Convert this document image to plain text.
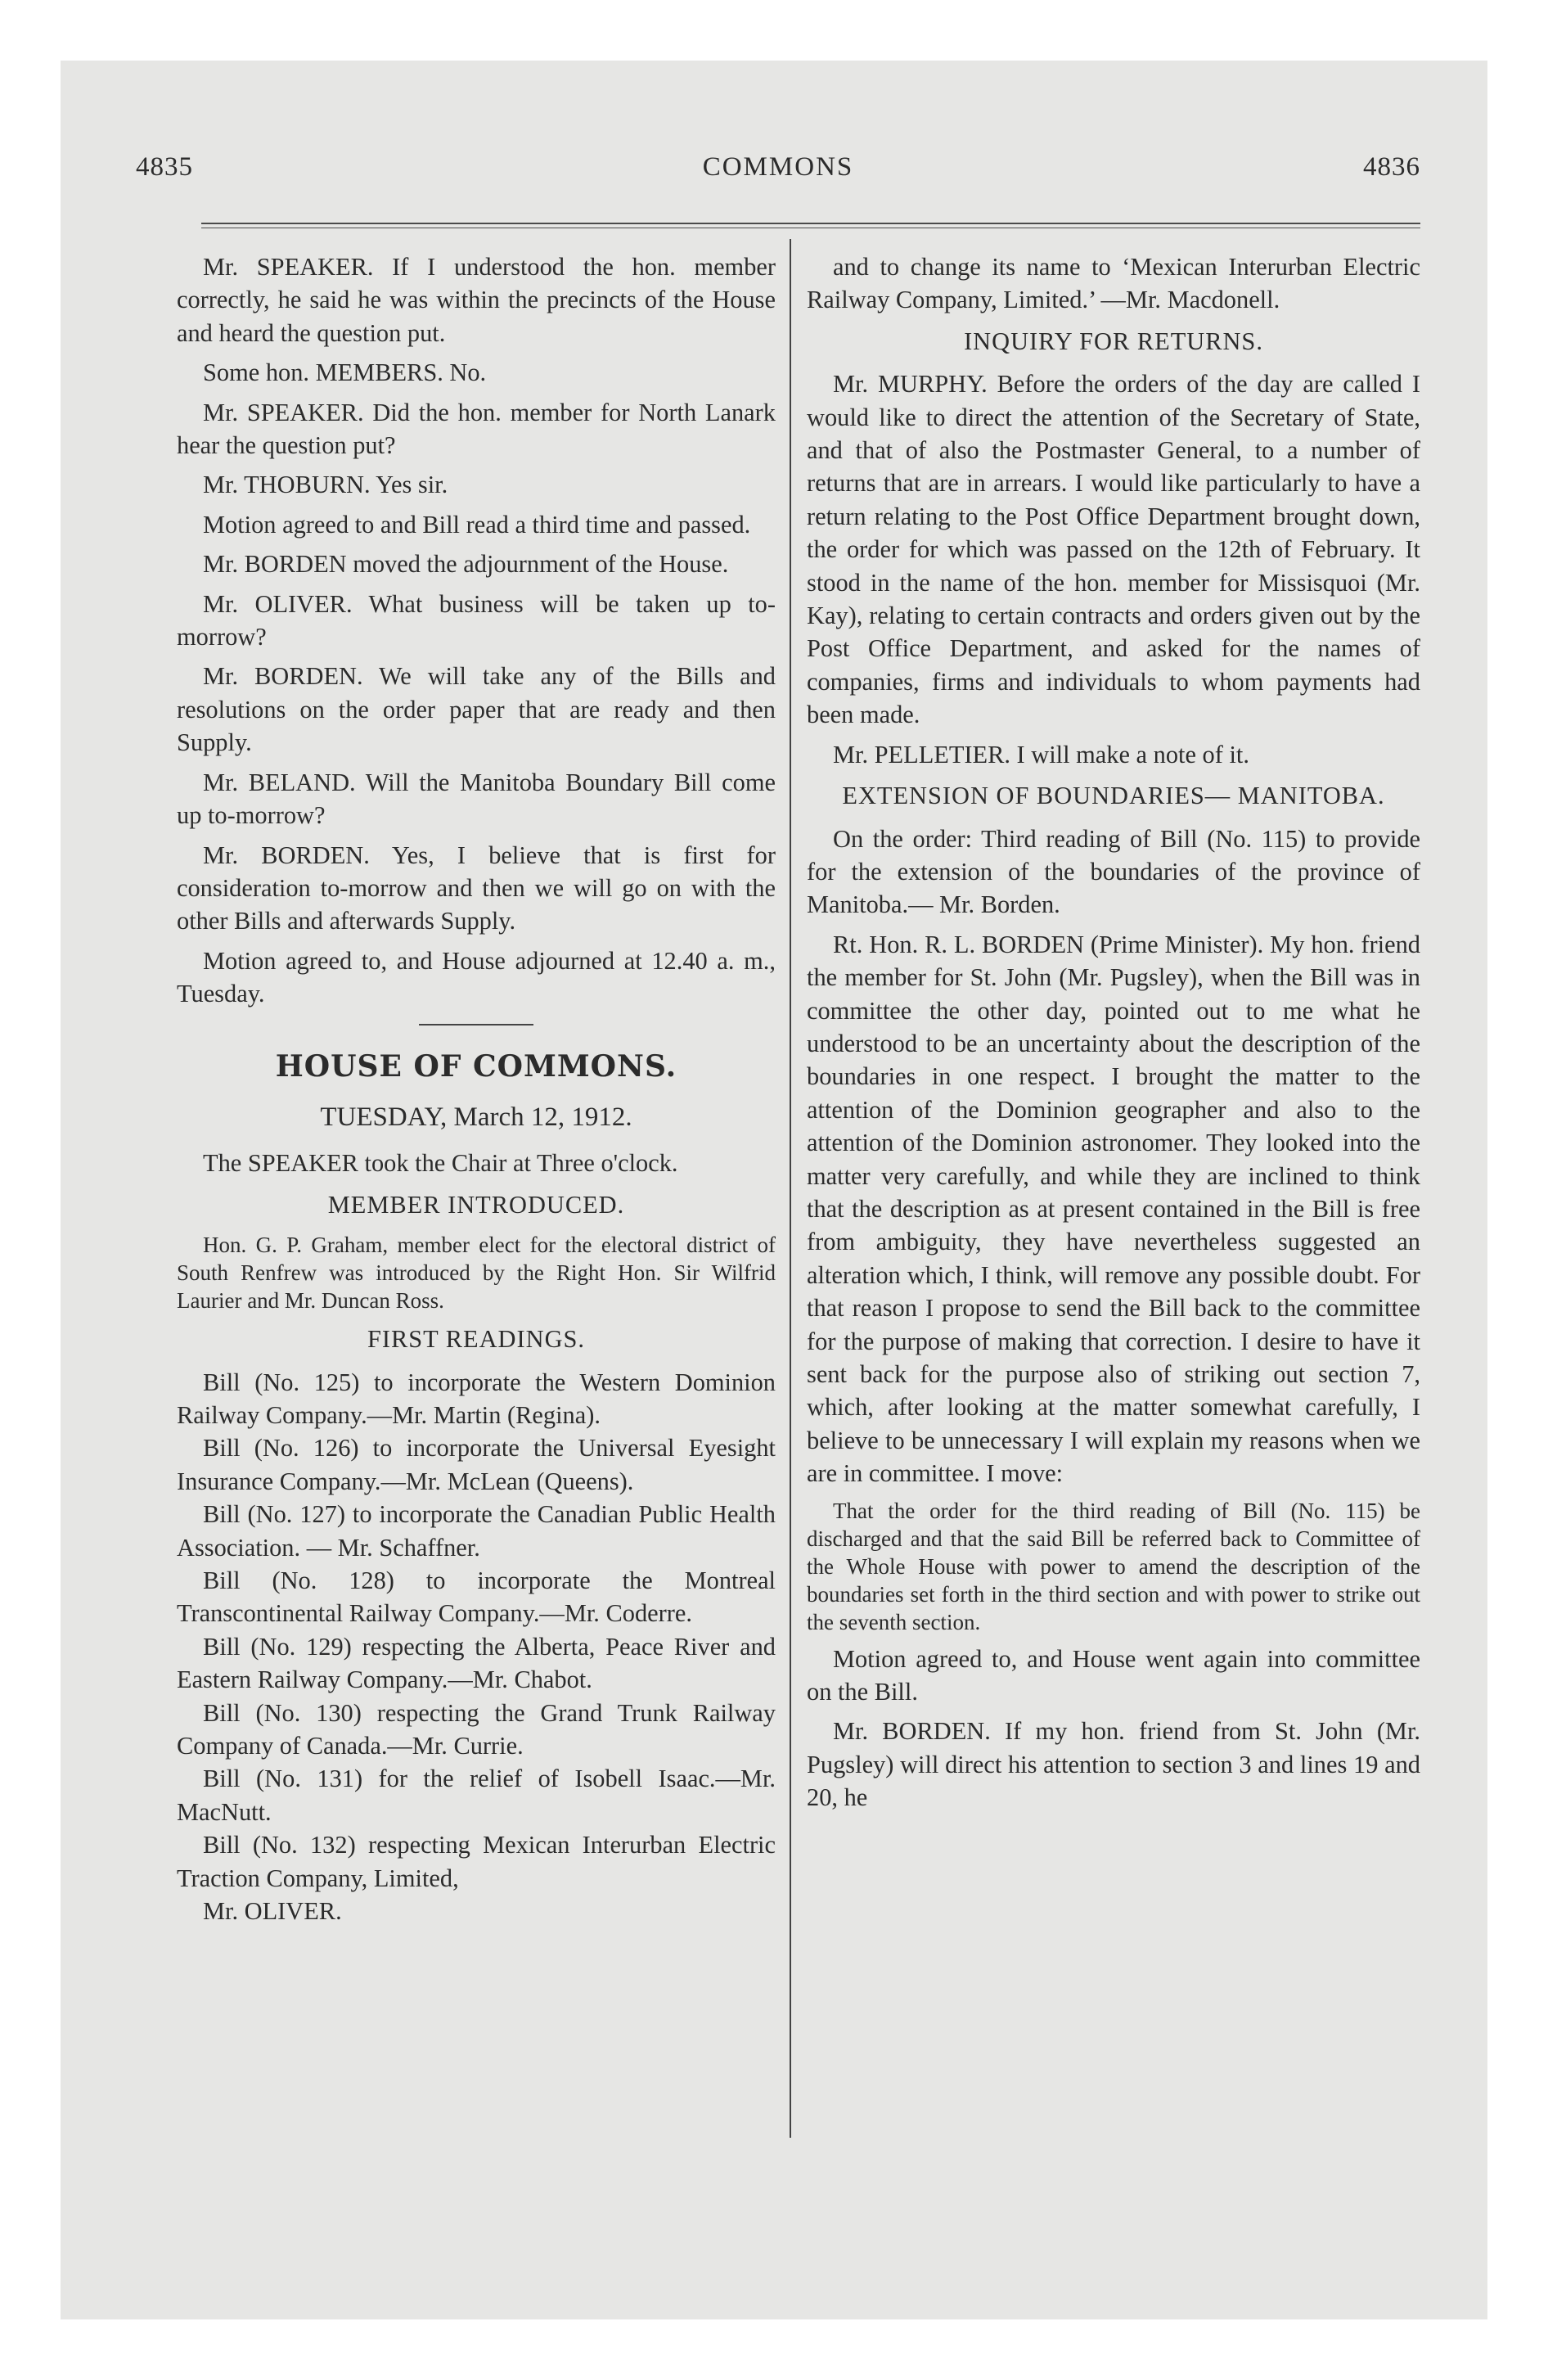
4835	COMMONS	4836

Mr. SPEAKER. If I understood the hon. member correctly, he said he was within the precincts of the House and heard the question put.

Some hon. MEMBERS. No.

Mr. SPEAKER. Did the hon. member for North Lanark hear the question put?

Mr. THOBURN. Yes sir.

Motion agreed to and Bill read a third time and passed.

Mr. BORDEN moved the adjournment of the House.

Mr. OLIVER. What business will be taken up to-morrow?

Mr. BORDEN. We will take any of the Bills and resolutions on the order paper that are ready and then Supply.

Mr. BELAND. Will the Manitoba Boundary Bill come up to-morrow?

Mr. BORDEN. Yes, I believe that is first for consideration to-morrow and then we will go on with the other Bills and afterwards Supply.

Motion agreed to, and House adjourned at 12.40 a. m., Tuesday.

HOUSE OF COMMONS.

TUESDAY, March 12, 1912.

The SPEAKER took the Chair at Three o'clock.

MEMBER INTRODUCED.

Hon. G. P. Graham, member elect for the electoral district of South Renfrew was introduced by the Right Hon. Sir Wilfrid Laurier and Mr. Duncan Ross.

FIRST READINGS.

Bill (No. 125) to incorporate the Western Dominion Railway Company.—Mr. Martin (Regina).

Bill (No. 126) to incorporate the Universal Eyesight Insurance Company.—Mr. McLean (Queens).

Bill (No. 127) to incorporate the Canadian Public Health Association. — Mr. Schaffner.

Bill (No. 128) to incorporate the Montreal Transcontinental Railway Company.—Mr. Coderre.

Bill (No. 129) respecting the Alberta, Peace River and Eastern Railway Company.—Mr. Chabot.

Bill (No. 130) respecting the Grand Trunk Railway Company of Canada.—Mr. Currie.

Bill (No. 131) for the relief of Isobell Isaac.—Mr. MacNutt.

Bill (No. 132) respecting Mexican Interurban Electric Traction Company, Limited,

Mr. OLIVER.

and to change its name to ‘Mexican Interurban Electric Railway Company, Limited.’ —Mr. Macdonell.

INQUIRY FOR RETURNS.

Mr. MURPHY. Before the orders of the day are called I would like to direct the attention of the Secretary of State, and that of also the Postmaster General, to a number of returns that are in arrears. I would like particularly to have a return relating to the Post Office Department brought down, the order for which was passed on the 12th of February. It stood in the name of the hon. member for Missisquoi (Mr. Kay), relating to certain contracts and orders given out by the Post Office Department, and asked for the names of companies, firms and individuals to whom payments had been made.

Mr. PELLETIER. I will make a note of it.

EXTENSION OF BOUNDARIES— MANITOBA.

On the order: Third reading of Bill (No. 115) to provide for the extension of the boundaries of the province of Manitoba.— Mr. Borden.

Rt. Hon. R. L. BORDEN (Prime Minister). My hon. friend the member for St. John (Mr. Pugsley), when the Bill was in committee the other day, pointed out to me what he understood to be an uncertainty about the description of the boundaries in one respect. I brought the matter to the attention of the Dominion geographer and also to the attention of the Dominion astronomer. They looked into the matter very carefully, and while they are inclined to think that the description as at present contained in the Bill is free from ambiguity, they have nevertheless suggested an alteration which, I think, will remove any possible doubt. For that reason I propose to send the Bill back to the committee for the purpose of making that correction. I desire to have it sent back for the purpose also of striking out section 7, which, after looking at the matter somewhat carefully, I believe to be unnecessary I will explain my reasons when we are in committee. I move:

That the order for the third reading of Bill (No. 115) be discharged and that the said Bill be referred back to Committee of the Whole House with power to amend the description of the boundaries set forth in the third section and with power to strike out the seventh section.

Motion agreed to, and House went again into committee on the Bill.

Mr. BORDEN. If my hon. friend from St. John (Mr. Pugsley) will direct his attention to section 3 and lines 19 and 20, he
